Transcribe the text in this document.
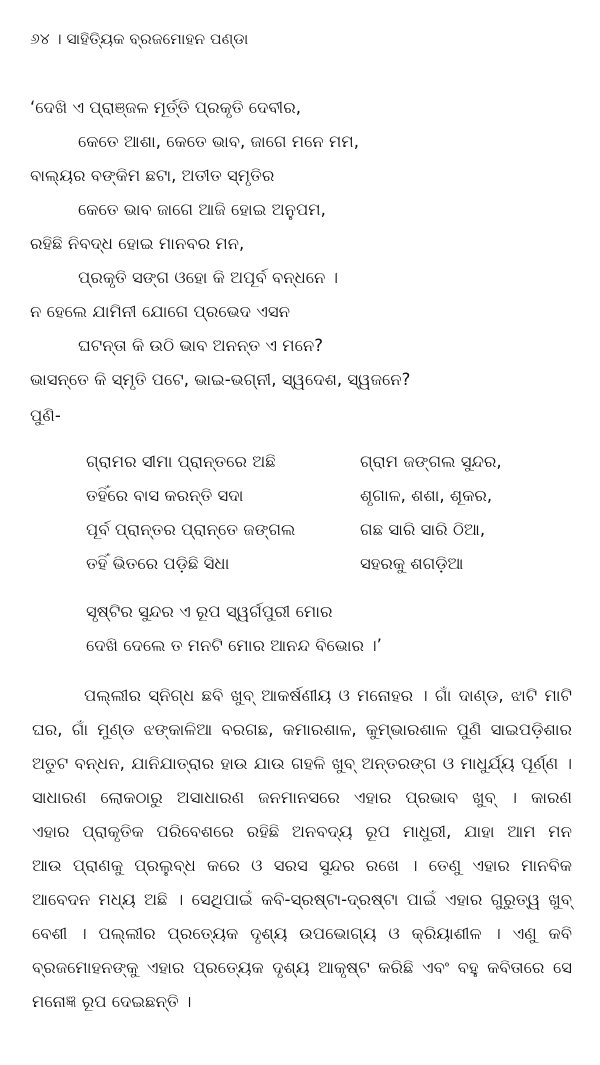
୬୪ । ସାହିତ୍ୟିକ ବ୍ରଜମୋହନ ପଣ୍ଡା
‘ଦେଖି ଏ ପ୍ରାଞ୍ଜଳ ମୂର୍ତ୍ତି ପ୍ରକୃତି ଦେବୀର,
କେତେ ଆଶା, କେତେ ଭାବ, ଜାଗେ ମନେ ମମ,
ବାଲ୍ୟର ବଙ୍କିମ ଛଟା, ଅତୀତ ସ୍ମୃତିର
କେତେ ଭାବ ଜାଗେ ଆଜି ହୋଇ ଅନୁପମ,
ରହିଛି ନିବଦ୍ଧ ହୋଇ ମାନବର ମନ,
ପ୍ରକୃତି ସଙ୍ଗ ଓହୋ କି ଅପୂର୍ବ ବନ୍ଧନେ ।
ନ ହେଲେ ଯାମିନୀ ଯୋଗେ ପ୍ରଭେଦ ଏସନ
ଘଟନ୍ତା କି ଉଠି ଭାବ ଅନନ୍ତ ଏ ମନେ?
ଭାସନ୍ତେ କି ସ୍ମୃତି ପଟେ, ଭାଇ-ଭଗ୍ନୀ, ସ୍ୱଦେଶ, ସ୍ୱଜନେ?
ପୁଣି-
ଗ୍ରାମର ସୀମା ପ୍ରାନ୍ତରେ ଅଛି	ଗ୍ରାମ ଜଙ୍ଗଲ ସୁନ୍ଦର,
ତହିଁରେ ବାସ କରନ୍ତି ସଦା	ଶୃଗାଳ, ଶଶା, ଶୂକର,
ପୂର୍ବ ପ୍ରାନ୍ତର ପ୍ରାନ୍ତେ ଜଙ୍ଗଲ	ଗଛ ସାରି ସାରି ଠିଆ,
ତହିଁ ଭିତରେ ପଡ଼ିଛି ସିଧା	ସହରକୁ ଶଗଡ଼ିଆ
ସୃଷ୍ଟିର ସୁନ୍ଦର ଏ ରୂପ ସ୍ୱର୍ଗପୁରୀ ମୋର
ଦେଖି ଦେଲେ ତ ମନଟି ମୋର ଆନନ୍ଦ ବିଭୋର ।’
ପଲ୍ଲୀର ସ୍ନିଗ୍ଧ ଛବି ଖୁବ୍ ଆକର୍ଷଣୀୟ ଓ ମନୋହର । ଗାଁ ଦାଣ୍ଡ, ଝାଟି ମାଟି
ଘର, ଗାଁ ମୁଣ୍ଡ ଝଙ୍କାଳିଆ ବରଗଛ, କମାରଶାଳ, କୁମ୍ଭାରଶାଳ ପୁଣି ସାଇପଡ଼ିଶାର
ଅତୁଟ ବନ୍ଧନ, ଯାନିଯାତ୍ରାର ହାଉ ଯାଉ ଗହଳି ଖୁବ୍ ଅନ୍ତରଙ୍ଗ ଓ ମାଧୁର୍ଯ୍ୟ ପୂର୍ଣ୍ଣ ।
ସାଧାରଣ ଲୋକଠାରୁ ଅସାଧାରଣ ଜନମାନସରେ ଏହାର ପ୍ରଭାବ ଖୁବ୍ । କାରଣ
ଏହାର ପ୍ରାକୃତିକ ପରିବେଶରେ ରହିଛି ଅନବଦ୍ୟ ରୂପ ମାଧୁରୀ, ଯାହା ଆମ ମନ
ଆଉ ପ୍ରାଣକୁ ପ୍ରଲୁବ୍ଧ କରେ ଓ ସରସ ସୁନ୍ଦର ରଖେ । ତେଣୁ ଏହାର ମାନବିକ
ଆବେଦନ ମଧ୍ୟ ଅଛି । ସେଥିପାଇଁ କବି-ସ୍ରଷ୍ଟା-ଦ୍ରଷ୍ଟା ପାଇଁ ଏହାର ଗୁରୁତ୍ୱ ଖୁବ୍
ବେଶୀ । ପଲ୍ଲୀର ପ୍ରତ୍ୟେକ ଦୃଶ୍ୟ ଉପଭୋଗ୍ୟ ଓ କ୍ରିୟାଶୀଳ । ଏଣୁ କବି
ବ୍ରଜମୋହନଙ୍କୁ ଏହାର ପ୍ରତ୍ୟେକ ଦୃଶ୍ୟ ଆକୃଷ୍ଟ କରିଛି ଏବଂ ବହୁ କବିତାରେ ସେ
ମନୋଜ୍ଞ ରୂପ ଦେଇଛନ୍ତି ।
